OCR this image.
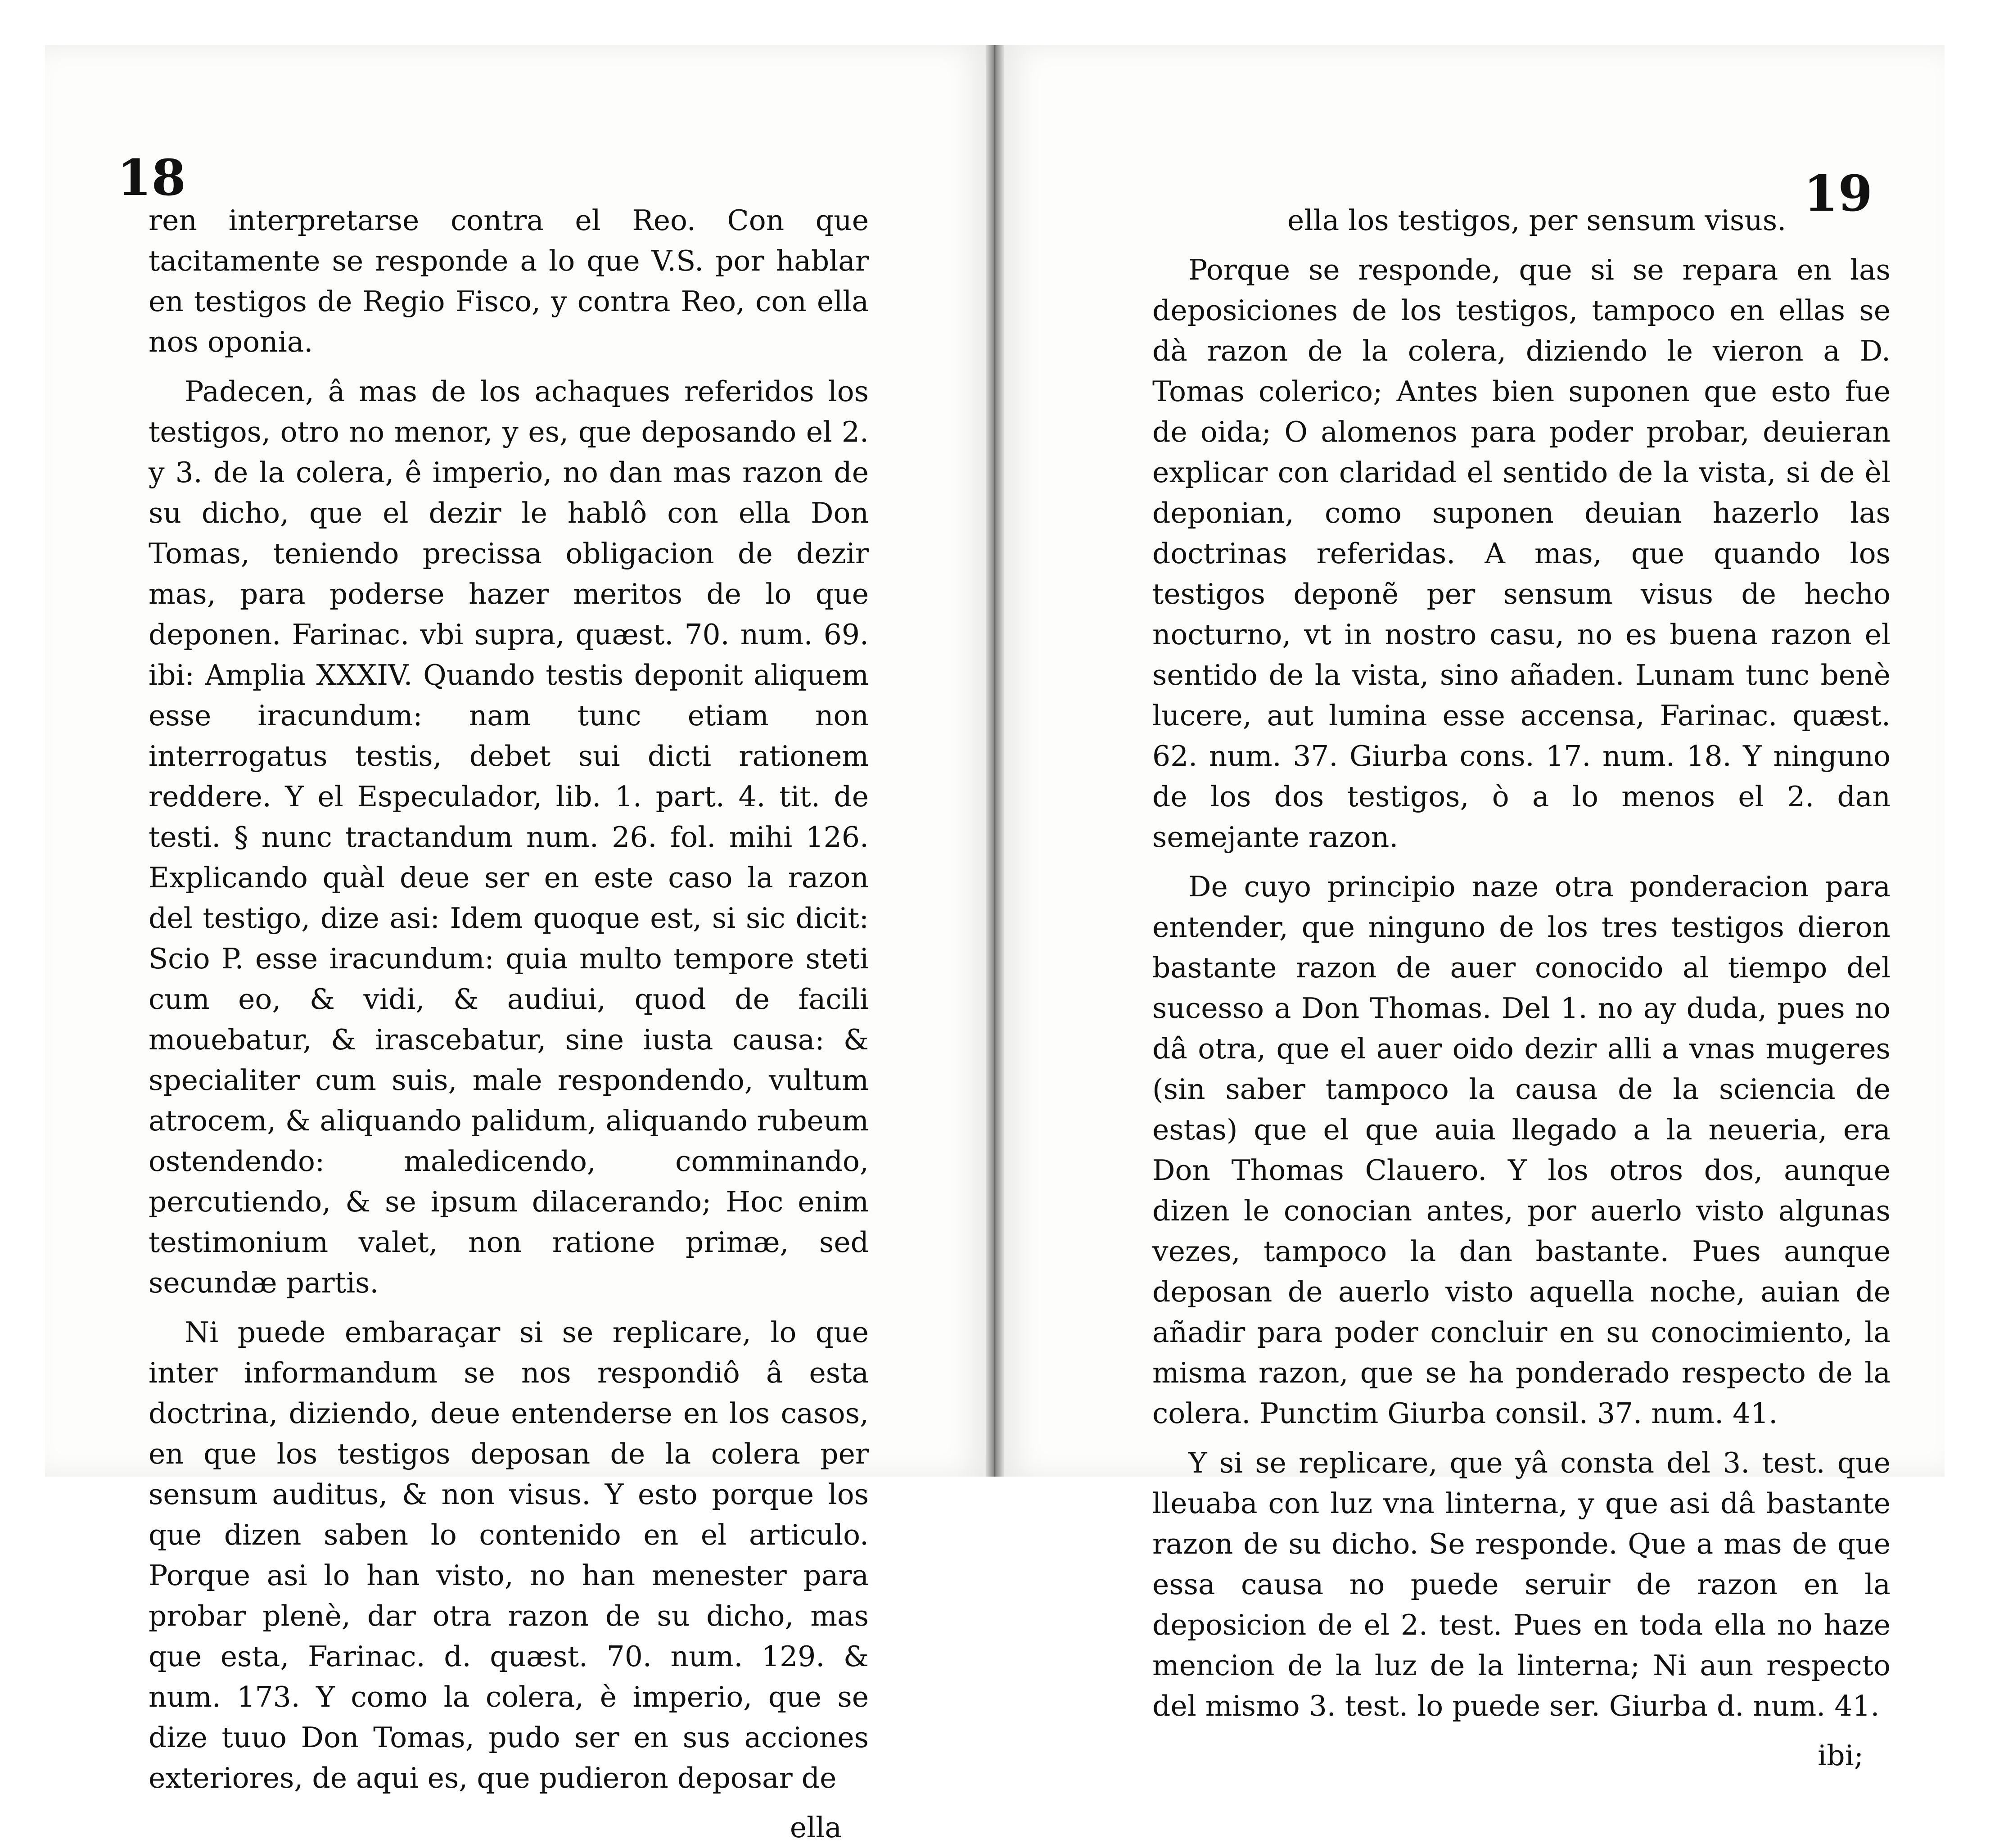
18

ren interpretarse contra el Reo. Con que tacitamente se responde a lo que V.S. por hablar en testigos de Regio Fisco, y contra Reo, con ella nos oponia.

Padecen, â mas de los achaques referidos los testigos, otro no menor, y es, que deposando el 2. y 3. de la colera, ê imperio, no dan mas razon de su dicho, que el dezir le hablô con ella Don Tomas, teniendo precissa obligacion de dezir mas, para poderse hazer meritos de lo que deponen. Farinac. vbi supra, quæst. 70. num. 69. ibi: Amplia XXXIV. Quando testis deponit aliquem esse iracundum: nam tunc etiam non interrogatus testis, debet sui dicti rationem reddere. Y el Especulador, lib. 1. part. 4. tit. de testi. § nunc tractandum num. 26. fol. mihi 126. Explicando quàl deue ser en este caso la razon del testigo, dize asi: Idem quoque est, si sic dicit: Scio P. esse iracundum: quia multo tempore steti cum eo, & vidi, & audiui, quod de facili mouebatur, & irascebatur, sine iusta causa: & specialiter cum suis, male respondendo, vultum atrocem, & aliquando palidum, aliquando rubeum ostendendo: maledicendo, comminando, percutiendo, & se ipsum dilacerando; Hoc enim testimonium valet, non ratione primæ, sed secundæ partis.

Ni puede embaraçar si se replicare, lo que inter informandum se nos respondiô â esta doctrina, diziendo, deue entenderse en los casos, en que los testigos deposan de la colera per sensum auditus, & non visus. Y esto porque los que dizen saben lo contenido en el articulo. Porque asi lo han visto, no han menester para probar plenè, dar otra razon de su dicho, mas que esta, Farinac. d. quæst. 70. num. 129. & num. 173. Y como la colera, è imperio, que se dize tuuo Don Tomas, pudo ser en sus acciones exteriores, de aqui es, que pudieron deposar de

ella

19

ella los testigos, per sensum visus.

Porque se responde, que si se repara en las deposiciones de los testigos, tampoco en ellas se dà razon de la colera, diziendo le vieron a D. Tomas colerico; Antes bien suponen que esto fue de oida; O alomenos para poder probar, deuieran explicar con claridad el sentido de la vista, si de èl deponian, como suponen deuian hazerlo las doctrinas referidas. A mas, que quando los testigos deponẽ per sensum visus de hecho nocturno, vt in nostro casu, no es buena razon el sentido de la vista, sino añaden. Lunam tunc benè lucere, aut lumina esse accensa, Farinac. quæst. 62. num. 37. Giurba cons. 17. num. 18. Y ninguno de los dos testigos, ò a lo menos el 2. dan semejante razon.

De cuyo principio naze otra ponderacion para entender, que ninguno de los tres testigos dieron bastante razon de auer conocido al tiempo del sucesso a Don Thomas. Del 1. no ay duda, pues no dâ otra, que el auer oido dezir alli a vnas mugeres (sin saber tampoco la causa de la sciencia de estas) que el que auia llegado a la neueria, era Don Thomas Clauero. Y los otros dos, aunque dizen le conocian antes, por auerlo visto algunas vezes, tampoco la dan bastante. Pues aunque deposan de auerlo visto aquella noche, auian de añadir para poder concluir en su conocimiento, la misma razon, que se ha ponderado respecto de la colera. Punctim Giurba consil. 37. num. 41.

Y si se replicare, que yâ consta del 3. test. que lleuaba con luz vna linterna, y que asi dâ bastante razon de su dicho. Se responde. Que a mas de que essa causa no puede seruir de razon en la deposicion de el 2. test. Pues en toda ella no haze mencion de la luz de la linterna; Ni aun respecto del mismo 3. test. lo puede ser. Giurba d. num. 41.

ibi;
